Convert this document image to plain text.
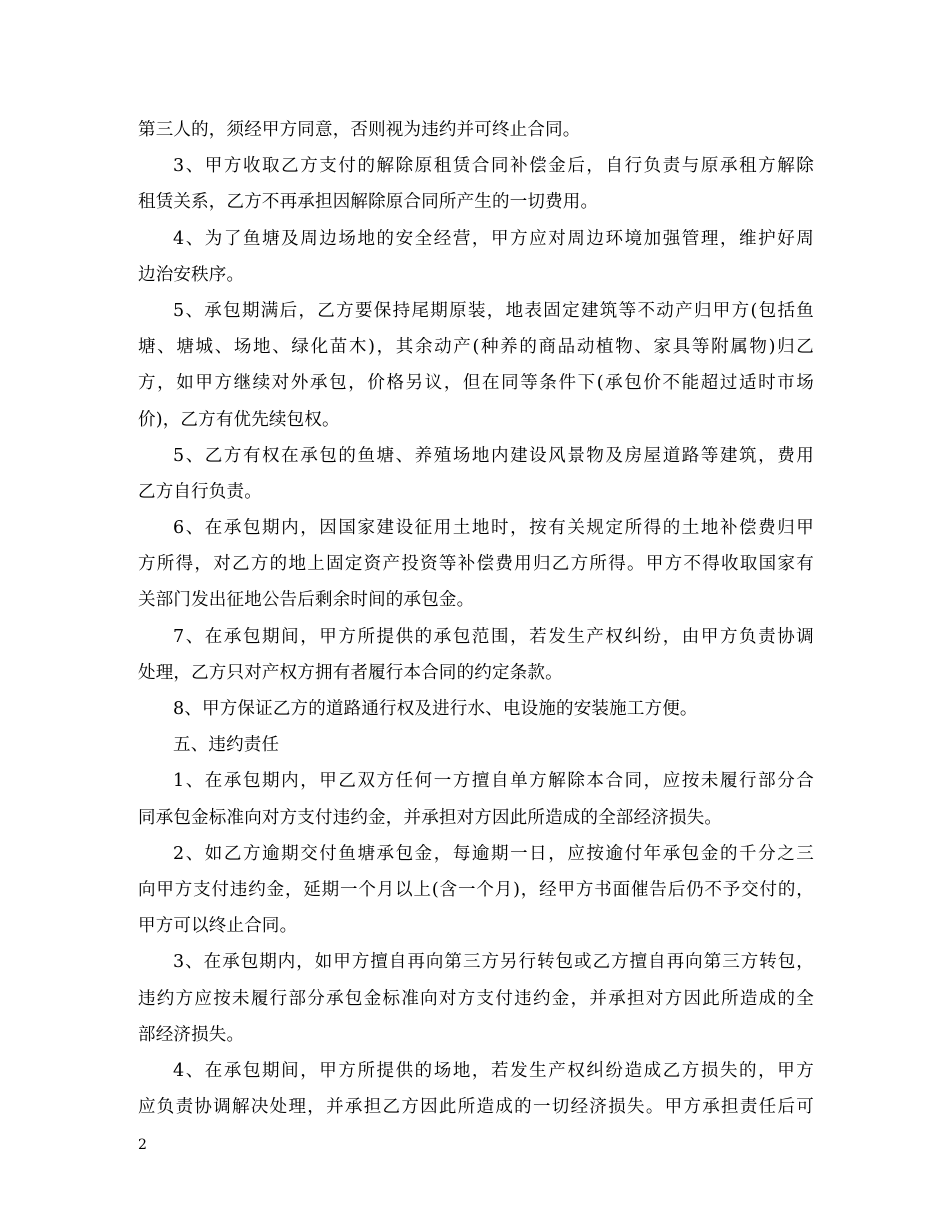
第三人的，须经甲方同意，否则视为违约并可终止合同。
3、甲方收取乙方支付的解除原租赁合同补偿金后，自行负责与原承租方解除
租赁关系，乙方不再承担因解除原合同所产生的一切费用。
4、为了鱼塘及周边场地的安全经营，甲方应对周边环境加强管理，维护好周
边治安秩序。
5、承包期满后，乙方要保持尾期原装，地表固定建筑等不动产归甲方(包括鱼
塘、塘城、场地、绿化苗木)，其余动产(种养的商品动植物、家具等附属物)归乙
方，如甲方继续对外承包，价格另议，但在同等条件下(承包价不能超过适时市场
价)，乙方有优先续包权。
5、乙方有权在承包的鱼塘、养殖场地内建设风景物及房屋道路等建筑，费用
乙方自行负责。
6、在承包期内，因国家建设征用土地时，按有关规定所得的土地补偿费归甲
方所得，对乙方的地上固定资产投资等补偿费用归乙方所得。甲方不得收取国家有
关部门发出征地公告后剩余时间的承包金。
7、在承包期间，甲方所提供的承包范围，若发生产权纠纷，由甲方负责协调
处理，乙方只对产权方拥有者履行本合同的约定条款。
8、甲方保证乙方的道路通行权及进行水、电设施的安装施工方便。
五、违约责任
1、在承包期内，甲乙双方任何一方擅自单方解除本合同，应按未履行部分合
同承包金标准向对方支付违约金，并承担对方因此所造成的全部经济损失。
2、如乙方逾期交付鱼塘承包金，每逾期一日，应按逾付年承包金的千分之三
向甲方支付违约金，延期一个月以上(含一个月)，经甲方书面催告后仍不予交付的，
甲方可以终止合同。
3、在承包期内，如甲方擅自再向第三方另行转包或乙方擅自再向第三方转包，
违约方应按未履行部分承包金标准向对方支付违约金，并承担对方因此所造成的全
部经济损失。
4、在承包期间，甲方所提供的场地，若发生产权纠纷造成乙方损失的，甲方
应负责协调解决处理，并承担乙方因此所造成的一切经济损失。甲方承担责任后可
2
